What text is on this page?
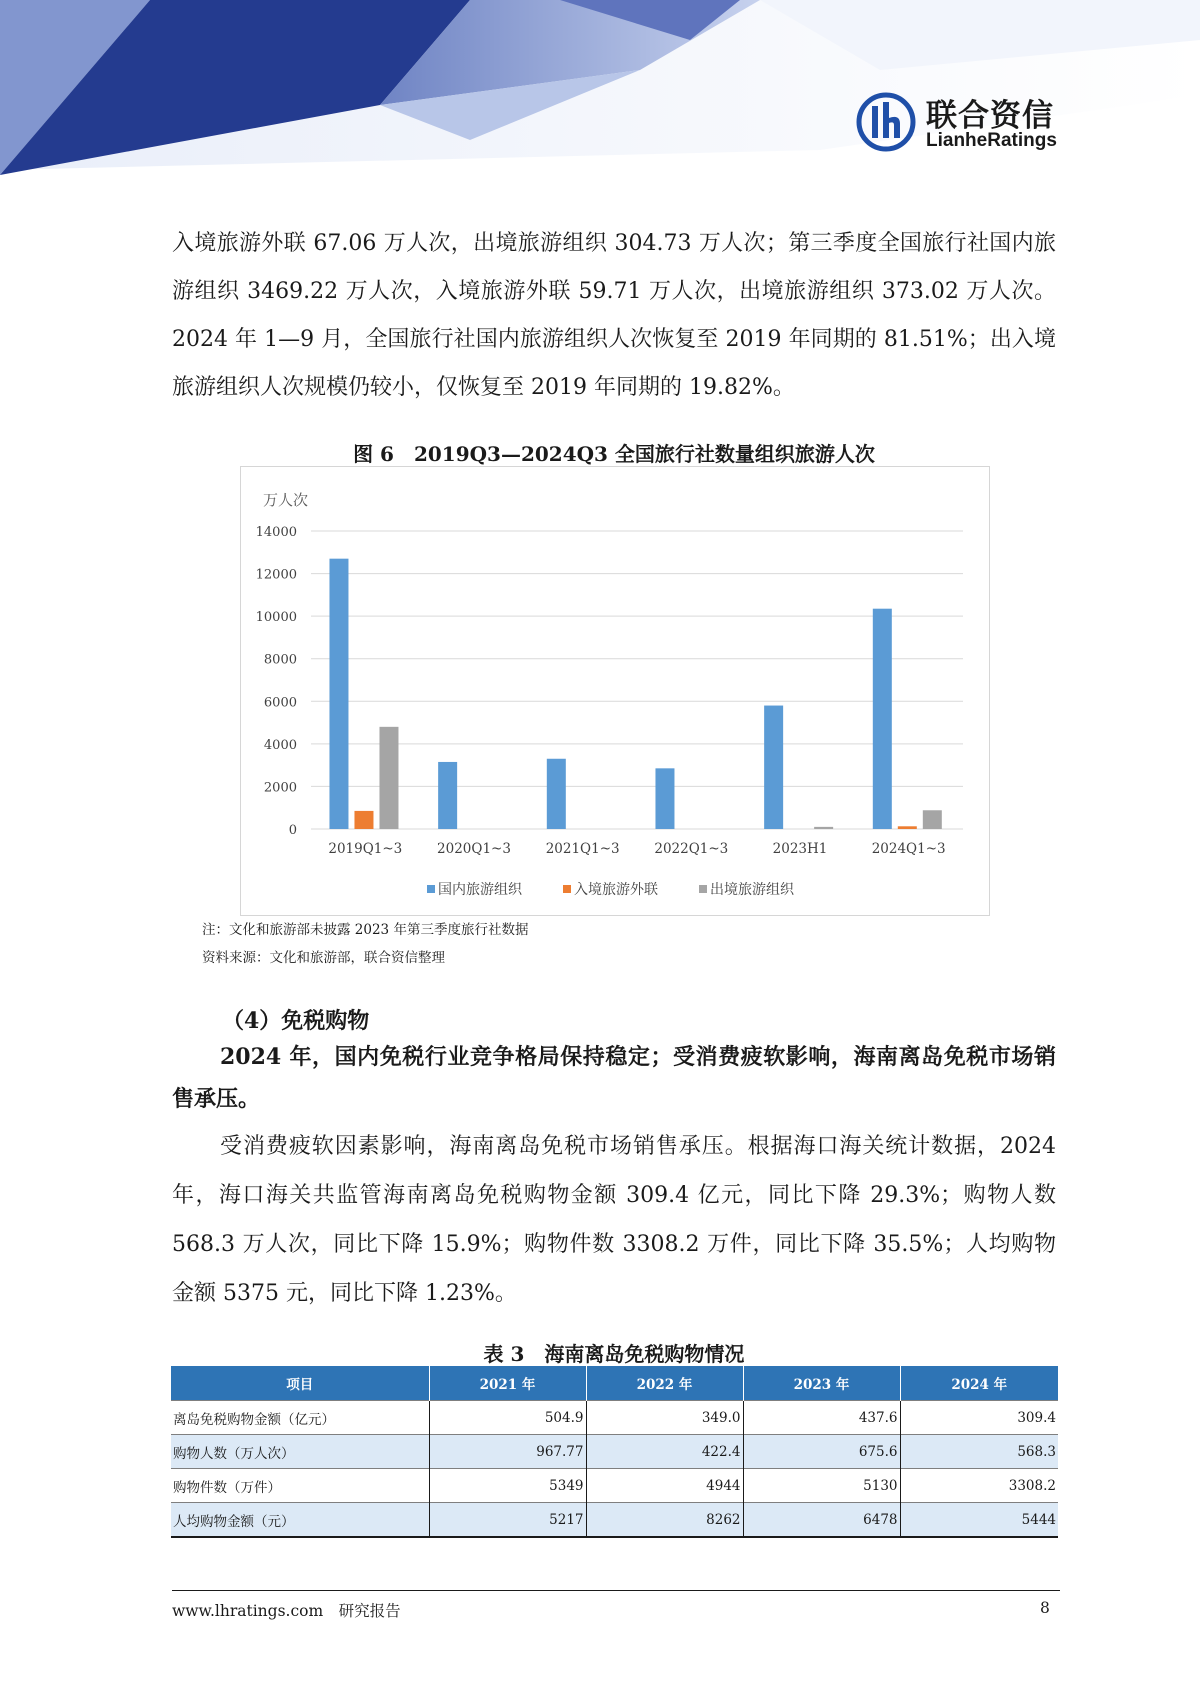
联合资信
LianheRatings

入境旅游外联 67.06 万人次，出境旅游组织 304.73 万人次；第三季度全国旅行社国内旅游组织 3469.22 万人次，入境旅游外联 59.71 万人次，出境旅游组织 373.02 万人次。2024 年 1—9 月，全国旅行社国内旅游组织人次恢复至 2019 年同期的 81.51%；出入境旅游组织人次规模仍较小，仅恢复至 2019 年同期的 19.82%。

图 6　2019Q3—2024Q3 全国旅行社数量组织旅游人次
万人次
0
2000
4000
6000
8000
10000
12000
14000
2019Q1~3	2020Q1~3	2021Q1~3	2022Q1~3	2023H1	2024Q1~3
国内旅游组织	入境旅游外联	出境旅游组织
注：文化和旅游部未披露 2023 年第三季度旅行社数据
资料来源：文化和旅游部，联合资信整理
（4）免税购物

2024 年，国内免税行业竞争格局保持稳定；受消费疲软影响，海南离岛免税市场销售承压。

受消费疲软因素影响，海南离岛免税市场销售承压。根据海口海关统计数据，2024 年，海口海关共监管海南离岛免税购物金额 309.4 亿元，同比下降 29.3%；购物人数 568.3 万人次，同比下降 15.9%；购物件数 3308.2 万件，同比下降 35.5%；人均购物金额 5375 元，同比下降 1.23%。

表 3　海南离岛免税购物情况
项目	2021 年	2022 年	2023 年	2024 年
离岛免税购物金额（亿元）	504.9	349.0	437.6	309.4
购物人数（万人次）	967.77	422.4	675.6	568.3
购物件数（万件）	5349	4944	5130	3308.2
人均购物金额（元）	5217	8262	6478	5444
www.lhratings.com　研究报告	8
